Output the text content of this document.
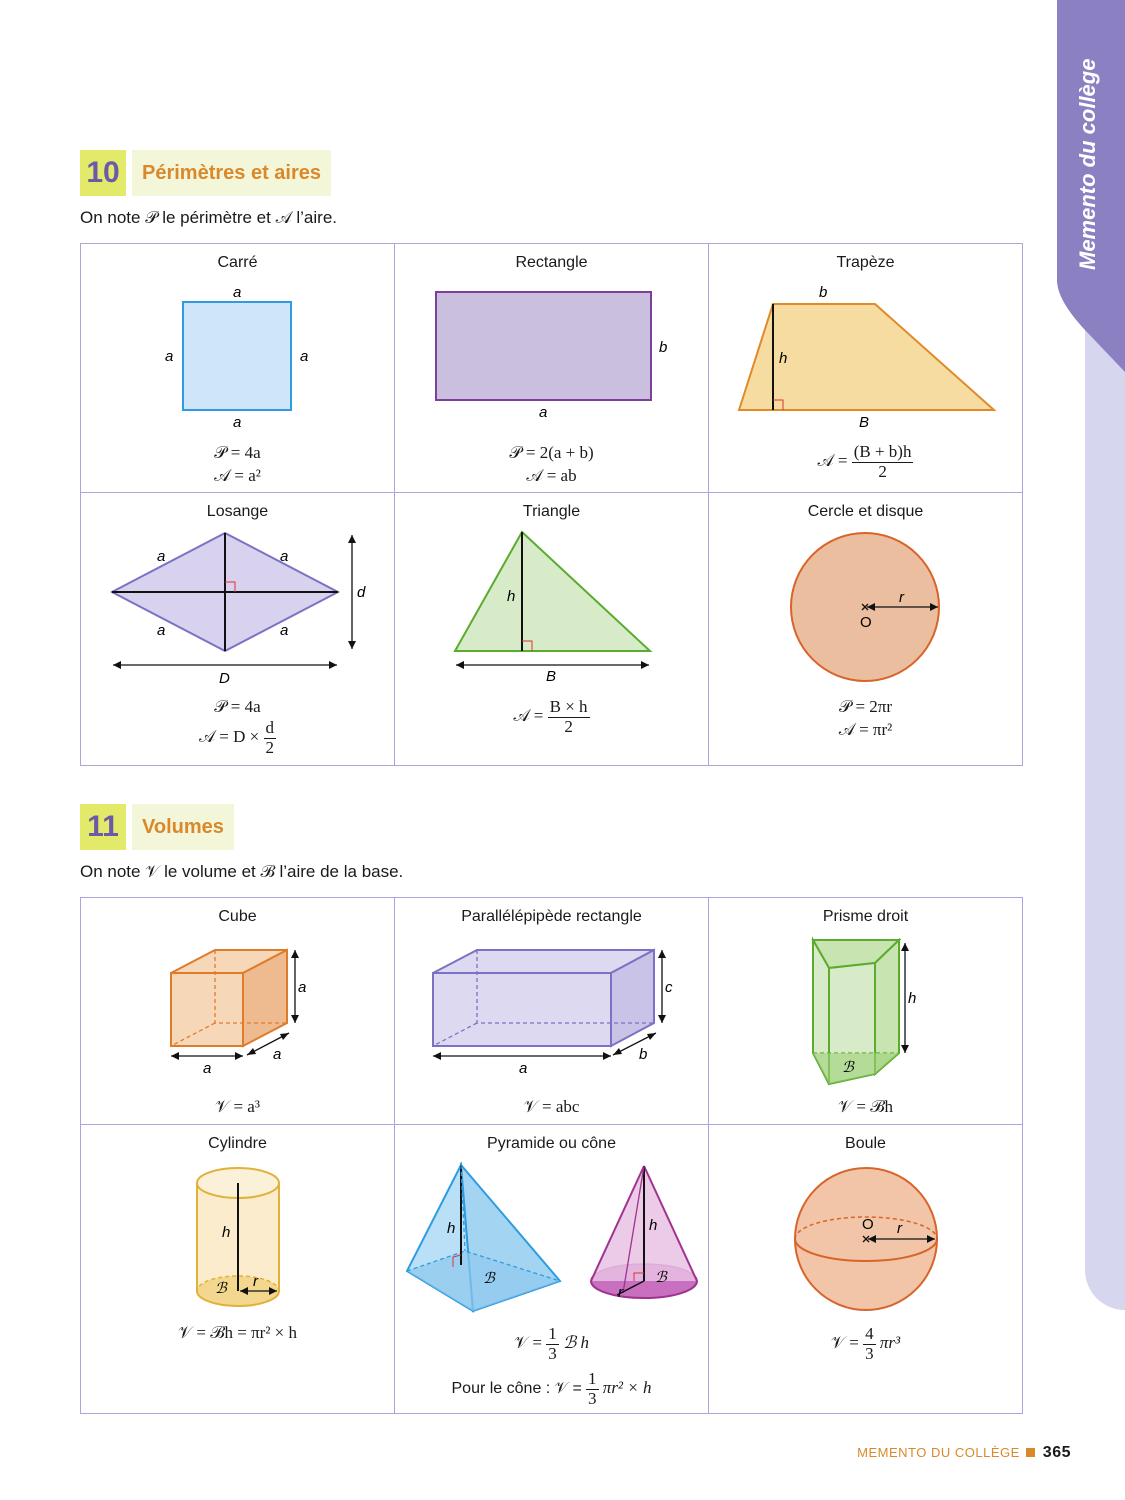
Memento du collège
10	Périmètres et aires
On note 𝒫 le périmètre et 𝒜 l’aire.
Carré
a
a
a	a
𝒫 = 4a
𝒜 = a²
Rectangle
a
b
𝒫 = 2(a + b)
𝒜 = ab
Trapèze
b
h
B
𝒜 = $\frac{(B + b)h}{2}$
Losange
a	a
a	a
d
D
𝒫 = 4a
𝒜 = $D \times \frac{d}{2}$
Triangle
h
B
𝒜 = $\frac{B \times h}{2}$
Cercle et disque
r
O
𝒫 = 2πr
𝒜 = πr²
11	Volumes
On note 𝒱 le volume et ℬ l’aire de la base.
Cube
a
a
a
𝒱 = a³
Parallélépipède rectangle
c
a
b
𝒱 = abc
Prisme droit
h
ℬ
𝒱 = ℬh
Cylindre
h
ℬ r
𝒱 = ℬh = πr² × h
Pyramide ou cône
h
ℬ
h
ℬ
r
𝒱 = $\frac{1}{3}$ ℬ h
Pour le cône : 𝒱 = $\frac{1}{3} \pi r^2 \times h$
Boule
r
O
𝒱 = $\frac{4}{3} \pi r^3$
MEMENTO DU COLLÈGE 365
